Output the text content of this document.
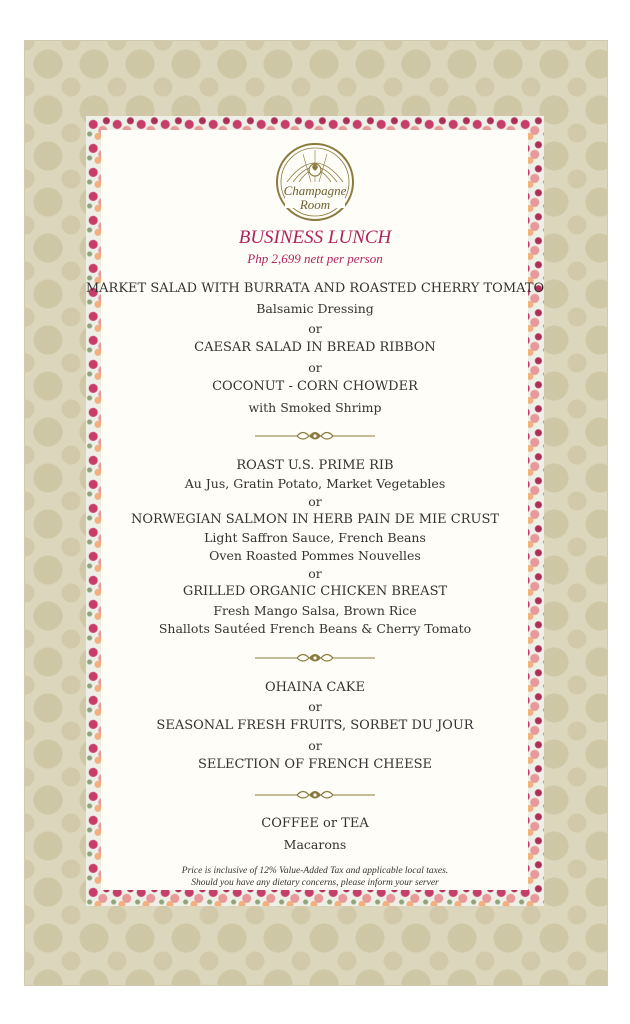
Champagne
Room
BUSINESS LUNCH
Php 2,699 nett per person
MARKET SALAD WITH BURRATA AND ROASTED CHERRY TOMATO
Balsamic Dressing
or
CAESAR SALAD IN BREAD RIBBON
or
COCONUT - CORN CHOWDER
with Smoked Shrimp
ROAST U.S. PRIME RIB
Au Jus, Gratin Potato, Market Vegetables
or
NORWEGIAN SALMON IN HERB PAIN DE MIE CRUST
Light Saffron Sauce, French Beans
Oven Roasted Pommes Nouvelles
or
GRILLED ORGANIC CHICKEN BREAST
Fresh Mango Salsa, Brown Rice
Shallots Sautéed French Beans & Cherry Tomato
OHAINA CAKE
or
SEASONAL FRESH FRUITS, SORBET DU JOUR
or
SELECTION OF FRENCH CHEESE
COFFEE or TEA
Macarons
Price is inclusive of 12% Value-Added Tax and applicable local taxes.
Should you have any dietary concerns, please inform your server
